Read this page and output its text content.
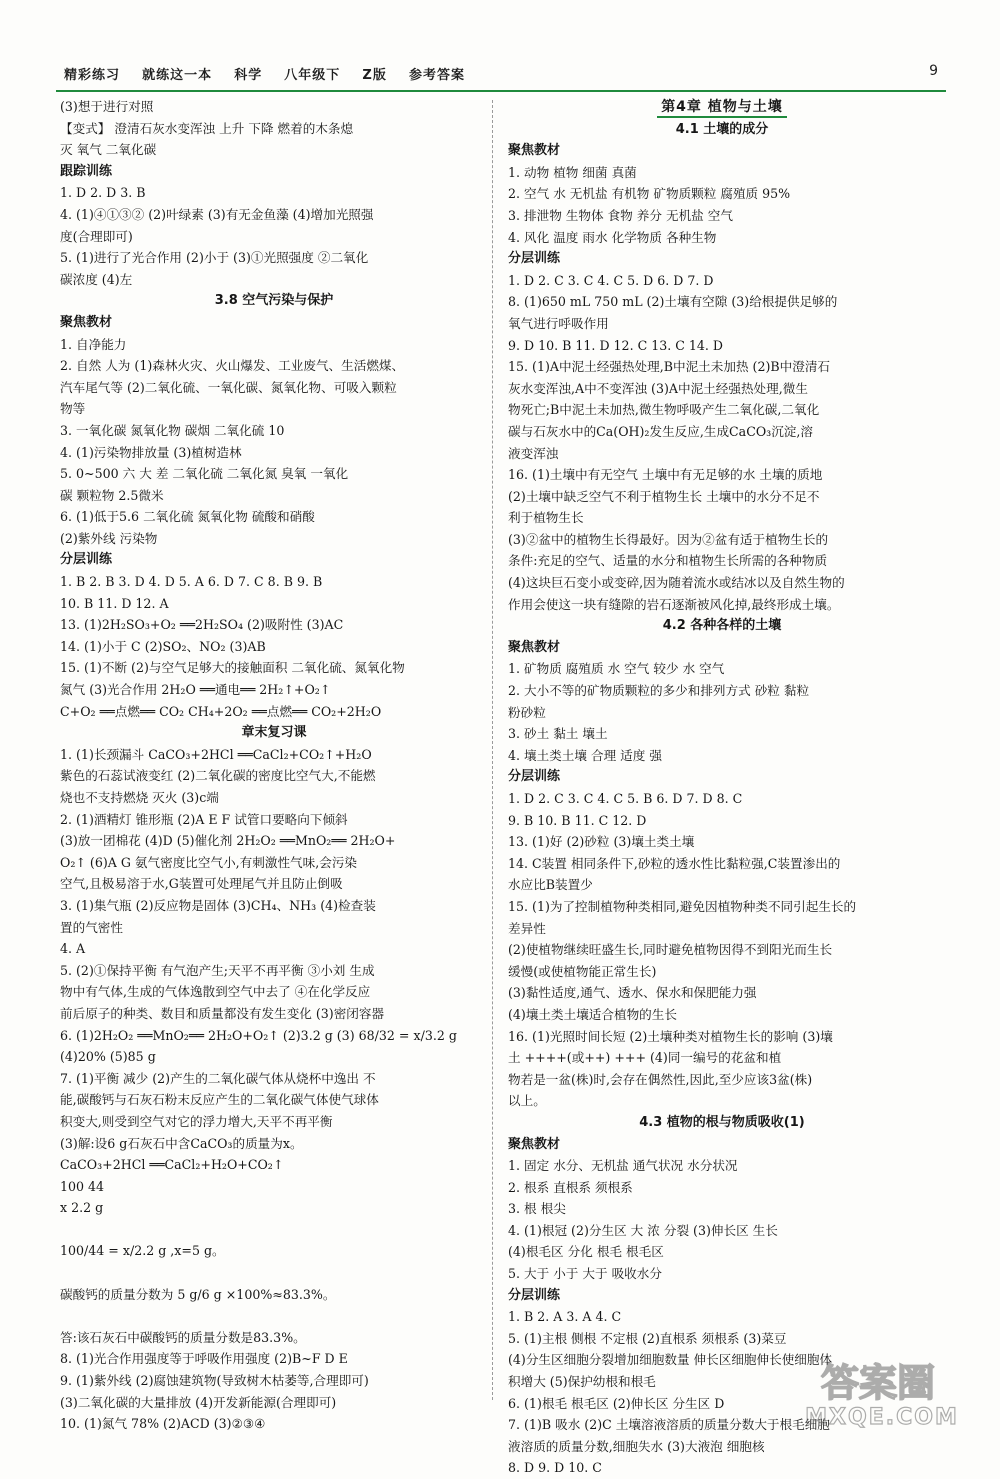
精彩练习    就练这一本    科学    八年级下    Z版    参考答案	9
(3)想于进行对照
【变式】 澄清石灰水变浑浊 上升 下降 燃着的木条熄
灭 氧气 二氧化碳
跟踪训练
1. D 2. D 3. B
4. (1)④①③② (2)叶绿素 (3)有无金鱼藻 (4)增加光照强
度(合理即可)
5. (1)进行了光合作用 (2)小于 (3)①光照强度 ②二氧化
碳浓度 (4)左
3.8 空气污染与保护
聚焦教材
1. 自净能力
2. 自然 人为 (1)森林火灾、火山爆发、工业废气、生活燃煤、
汽车尾气等 (2)二氧化硫、一氧化碳、氮氧化物、可吸入颗粒
物等
3. 一氧化碳 氮氧化物 碳烟 二氧化硫 10
4. (1)污染物排放量 (3)植树造林
5. 0~500 六 大 差 二氧化硫 二氧化氮 臭氧 一氧化
碳 颗粒物 2.5微米
6. (1)低于5.6 二氧化硫 氮氧化物 硫酸和硝酸
(2)紫外线 污染物
分层训练
1. B 2. B 3. D 4. D 5. A 6. D 7. C 8. B 9. B
10. B 11. D 12. A
13. (1)2H₂SO₃+O₂ ══2H₂SO₄ (2)吸附性 (3)AC
14. (1)小于 C (2)SO₂、NO₂ (3)AB
15. (1)不断 (2)与空气足够大的接触面积 二氧化硫、氮氧化物
氮气 (3)光合作用 2H₂O ══通电══ 2H₂↑+O₂↑
C+O₂ ══点燃══ CO₂ CH₄+2O₂ ══点燃══ CO₂+2H₂O
章末复习课
1. (1)长颈漏斗 CaCO₃+2HCl ══CaCl₂+CO₂↑+H₂O
紫色的石蕊试液变红 (2)二氧化碳的密度比空气大,不能燃
烧也不支持燃烧 灭火 (3)c端
2. (1)酒精灯 锥形瓶 (2)A E F 试管口要略向下倾斜
(3)放一团棉花 (4)D (5)催化剂 2H₂O₂ ══MnO₂══ 2H₂O+
O₂↑ (6)A G 氨气密度比空气小,有刺激性气味,会污染
空气,且极易溶于水,G装置可处理尾气并且防止倒吸
3. (1)集气瓶 (2)反应物是固体 (3)CH₄、NH₃ (4)检查装
置的气密性
4. A
5. (2)①保持平衡 有气泡产生;天平不再平衡 ③小刘 生成
物中有气体,生成的气体逸散到空气中去了 ④在化学反应
前后原子的种类、数目和质量都没有发生变化 (3)密闭容器
6. (1)2H₂O₂ ══MnO₂══ 2H₂O+O₂↑ (2)3.2 g (3) 68/32 = x/3.2 g
(4)20% (5)85 g
7. (1)平衡 减少 (2)产生的二氧化碳气体从烧杯中逸出 不
能,碳酸钙与石灰石粉末反应产生的二氧化碳气体使气球体
积变大,则受到空气对它的浮力增大,天平不再平衡
(3)解:设6 g石灰石中含CaCO₃的质量为x。
CaCO₃+2HCl ══CaCl₂+H₂O+CO₂↑
100 44
x 2.2 g
100/44 = x/2.2 g ,x=5 g。
碳酸钙的质量分数为 5 g/6 g ×100%≈83.3%。
答:该石灰石中碳酸钙的质量分数是83.3%。
8. (1)光合作用强度等于呼吸作用强度 (2)B~F D E
9. (1)紫外线 (2)腐蚀建筑物(导致树木枯萎等,合理即可)
(3)二氧化碳的大量排放 (4)开发新能源(合理即可)
10. (1)氮气 78% (2)ACD (3)②③④
第4章 植物与土壤
4.1 土壤的成分
聚焦教材
1. 动物 植物 细菌 真菌
2. 空气 水 无机盐 有机物 矿物质颗粒 腐殖质 95%
3. 排泄物 生物体 食物 养分 无机盐 空气
4. 风化 温度 雨水 化学物质 各种生物
分层训练
1. D 2. C 3. C 4. C 5. D 6. D 7. D
8. (1)650 mL 750 mL (2)土壤有空隙 (3)给根提供足够的
氧气进行呼吸作用
9. D 10. B 11. D 12. C 13. C 14. D
15. (1)A中泥土经强热处理,B中泥土未加热 (2)B中澄清石
灰水变浑浊,A中不变浑浊 (3)A中泥土经强热处理,微生
物死亡;B中泥土未加热,微生物呼吸产生二氧化碳,二氧化
碳与石灰水中的Ca(OH)₂发生反应,生成CaCO₃沉淀,溶
液变浑浊
16. (1)土壤中有无空气 土壤中有无足够的水 土壤的质地
(2)土壤中缺乏空气不利于植物生长 土壤中的水分不足不
利于植物生长
(3)②盆中的植物生长得最好。因为②盆有适于植物生长的
条件:充足的空气、适量的水分和植物生长所需的各种物质
(4)这块巨石变小或变碎,因为随着流水或结冰以及自然生物的
作用会使这一块有缝隙的岩石逐渐被风化掉,最终形成土壤。
4.2 各种各样的土壤
聚焦教材
1. 矿物质 腐殖质 水 空气 较少 水 空气
2. 大小不等的矿物质颗粒的多少和排列方式 砂粒 黏粒
粉砂粒
3. 砂土 黏土 壤土
4. 壤土类土壤 合理 适度 强
分层训练
1. D 2. C 3. C 4. C 5. B 6. D 7. D 8. C
9. B 10. B 11. C 12. D
13. (1)好 (2)砂粒 (3)壤土类土壤
14. C装置 相同条件下,砂粒的透水性比黏粒强,C装置渗出的
水应比B装置少
15. (1)为了控制植物种类相同,避免因植物种类不同引起生长的
差异性
(2)使植物继续旺盛生长,同时避免植物因得不到阳光而生长
缓慢(或使植物能正常生长)
(3)黏性适度,通气、透水、保水和保肥能力强
(4)壤土类土壤适合植物的生长
16. (1)光照时间长短 (2)土壤种类对植物生长的影响 (3)壤
土 ++++(或++) +++ (4)同一编号的花盆和植
物若是一盆(株)时,会存在偶然性,因此,至少应该3盆(株)
以上。
4.3 植物的根与物质吸收(1)
聚焦教材
1. 固定 水分、无机盐 通气状况 水分状况
2. 根系 直根系 须根系
3. 根 根尖
4. (1)根冠 (2)分生区 大 浓 分裂 (3)伸长区 生长
(4)根毛区 分化 根毛 根毛区
5. 大于 小于 大于 吸收水分
分层训练
1. B 2. A 3. A 4. C
5. (1)主根 侧根 不定根 (2)直根系 须根系 (3)菜豆
(4)分生区细胞分裂增加细胞数量 伸长区细胞伸长使细胞体
积增大 (5)保护幼根和根毛
6. (1)根毛 根毛区 (2)伸长区 分生区 D
7. (1)B 吸水 (2)C 土壤溶液溶质的质量分数大于根毛细胞
液溶质的质量分数,细胞失水 (3)大液泡 细胞核
8. D 9. D 10. C
答案圈
MXQE.COM
